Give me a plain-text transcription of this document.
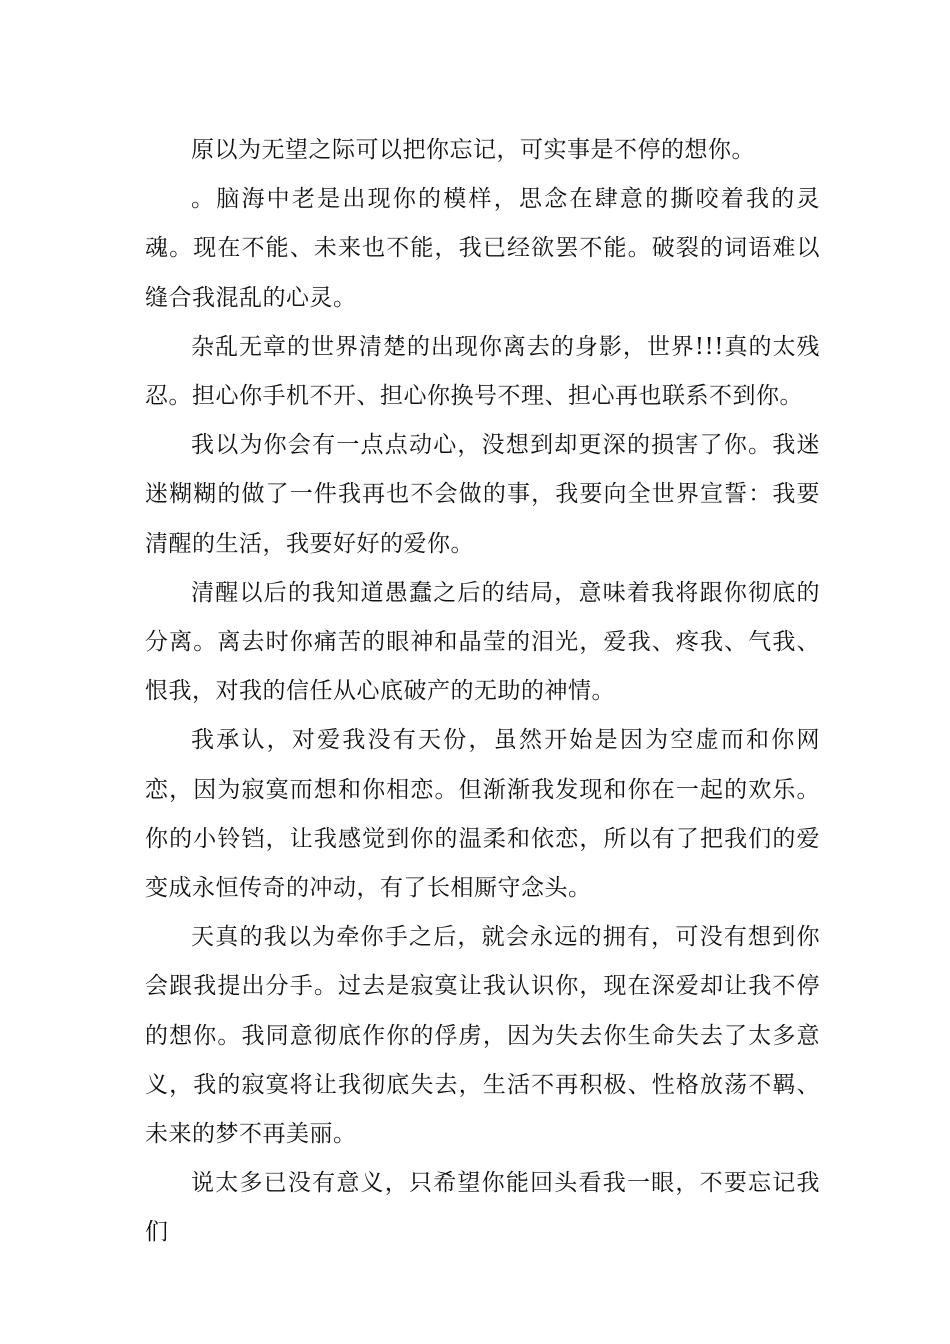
原以为无望之际可以把你忘记，可实事是不停的想你。

。脑海中老是出现你的模样，思念在肆意的撕咬着我的灵魂。现在不能、未来也不能，我已经欲罢不能。破裂的词语难以缝合我混乱的心灵。

杂乱无章的世界清楚的出现你离去的身影，世界!!!真的太残忍。担心你手机不开、担心你换号不理、担心再也联系不到你。

我以为你会有一点点动心，没想到却更深的损害了你。我迷迷糊糊的做了一件我再也不会做的事，我要向全世界宣誓：我要清醒的生活，我要好好的爱你。

清醒以后的我知道愚蠢之后的结局，意味着我将跟你彻底的分离。离去时你痛苦的眼神和晶莹的泪光，爱我、疼我、气我、恨我，对我的信任从心底破产的无助的神情。

我承认，对爱我没有天份，虽然开始是因为空虚而和你网恋，因为寂寞而想和你相恋。但渐渐我发现和你在一起的欢乐。你的小铃铛，让我感觉到你的温柔和依恋，所以有了把我们的爱变成永恒传奇的冲动，有了长相厮守念头。

天真的我以为牵你手之后，就会永远的拥有，可没有想到你会跟我提出分手。过去是寂寞让我认识你，现在深爱却让我不停的想你。我同意彻底作你的俘虏，因为失去你生命失去了太多意义，我的寂寞将让我彻底失去，生活不再积极、性格放荡不羁、未来的梦不再美丽。

说太多已没有意义，只希望你能回头看我一眼，不要忘记我们
